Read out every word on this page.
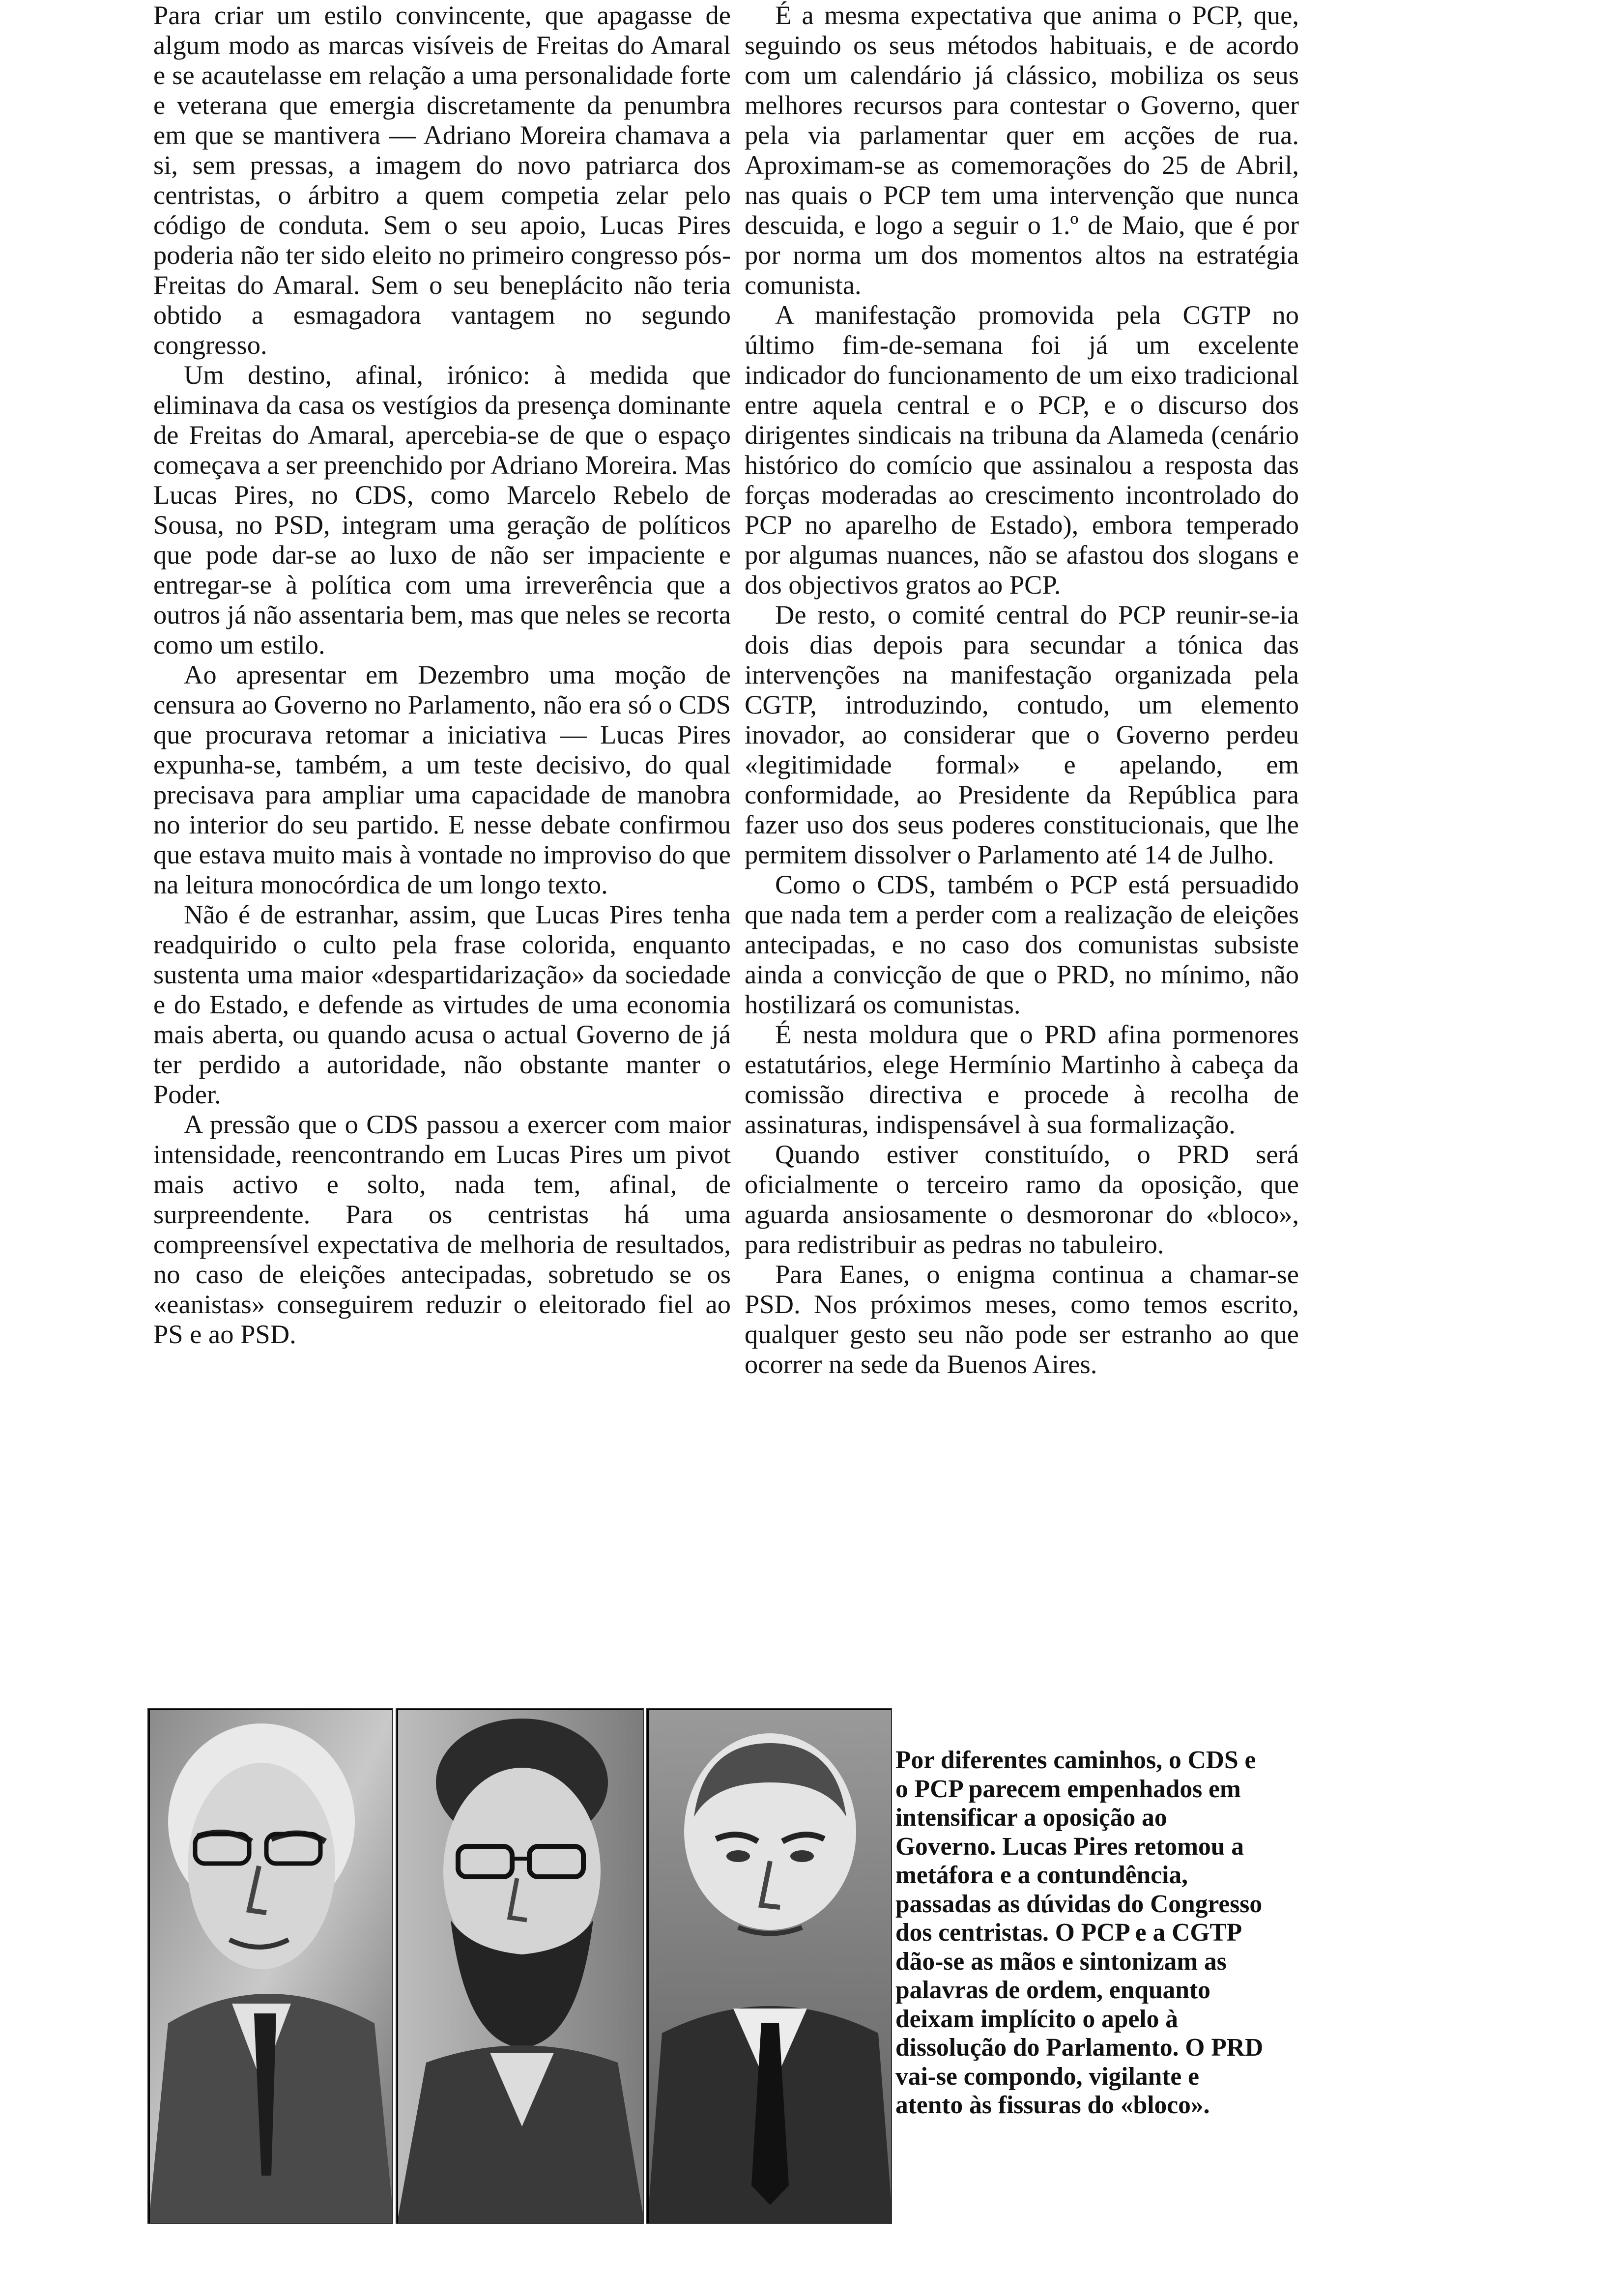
Para criar um estilo convincente, que apagasse de algum modo as marcas visíveis de Freitas do Amaral e se acautelasse em relação a uma personalidade forte e veterana que emergia discretamente da penumbra em que se mantivera — Adriano Moreira chamava a si, sem pressas, a imagem do novo patriarca dos centristas, o árbitro a quem competia zelar pelo código de conduta. Sem o seu apoio, Lucas Pires poderia não ter sido eleito no primeiro congresso pós-Freitas do Amaral. Sem o seu beneplácito não teria obtido a esmagadora vantagem no segundo congresso.

Um destino, afinal, irónico: à medida que eliminava da casa os vestígios da presença dominante de Freitas do Amaral, apercebia-se de que o espaço começava a ser preenchido por Adriano Moreira. Mas Lucas Pires, no CDS, como Marcelo Rebelo de Sousa, no PSD, integram uma geração de políticos que pode dar-se ao luxo de não ser impaciente e entregar-se à política com uma irreverência que a outros já não assentaria bem, mas que neles se recorta como um estilo.

Ao apresentar em Dezembro uma moção de censura ao Governo no Parlamento, não era só o CDS que procurava retomar a iniciativa — Lucas Pires expunha-se, também, a um teste decisivo, do qual precisava para ampliar uma capacidade de manobra no interior do seu partido. E nesse debate confirmou que estava muito mais à vontade no improviso do que na leitura monocórdica de um longo texto.

Não é de estranhar, assim, que Lucas Pires tenha readquirido o culto pela frase colorida, enquanto sustenta uma maior «despartidarização» da sociedade e do Estado, e defende as virtudes de uma economia mais aberta, ou quando acusa o actual Governo de já ter perdido a autoridade, não obstante manter o Poder.

A pressão que o CDS passou a exercer com maior intensidade, reencontrando em Lucas Pires um pivot mais activo e solto, nada tem, afinal, de surpreendente. Para os centristas há uma compreensível expectativa de melhoria de resultados, no caso de eleições antecipadas, sobretudo se os «eanistas» conseguirem reduzir o eleitorado fiel ao PS e ao PSD.

É a mesma expectativa que anima o PCP, que, seguindo os seus métodos habituais, e de acordo com um calendário já clássico, mobiliza os seus melhores recursos para contestar o Governo, quer pela via parlamentar quer em acções de rua. Aproximam-se as comemorações do 25 de Abril, nas quais o PCP tem uma intervenção que nunca descuida, e logo a seguir o 1.º de Maio, que é por por norma um dos momentos altos na estratégia comunista.

A manifestação promovida pela CGTP no último fim-de-semana foi já um excelente indicador do funcionamento de um eixo tradicional entre aquela central e o PCP, e o discurso dos dirigentes sindicais na tribuna da Alameda (cenário histórico do comício que assinalou a resposta das forças moderadas ao crescimento incontrolado do PCP no aparelho de Estado), embora temperado por algumas nuances, não se afastou dos slogans e dos objectivos gratos ao PCP.

De resto, o comité central do PCP reunir-se-ia dois dias depois para secundar a tónica das intervenções na manifestação organizada pela CGTP, introduzindo, contudo, um elemento inovador, ao considerar que o Governo perdeu «legitimidade formal» e apelando, em conformidade, ao Presidente da República para fazer uso dos seus poderes constitucionais, que lhe permitem dissolver o Parlamento até 14 de Julho.

Como o CDS, também o PCP está persuadido que nada tem a perder com a realização de eleições antecipadas, e no caso dos comunistas subsiste ainda a convicção de que o PRD, no mínimo, não hostilizará os comunistas.

É nesta moldura que o PRD afina pormenores estatutários, elege Hermínio Martinho à cabeça da comissão directiva e procede à recolha de assinaturas, indispensável à sua formalização.

Quando estiver constituído, o PRD será oficialmente o terceiro ramo da oposição, que aguarda ansiosamente o desmoronar do «bloco», para redistribuir as pedras no tabuleiro.

Para Eanes, o enigma continua a chamar-se PSD. Nos próximos meses, como temos escrito, qualquer gesto seu não pode ser estranho ao que ocorrer na sede da Buenos Aires.

Por diferentes caminhos, o CDS e o PCP parecem empenhados em intensificar a oposição ao Governo. Lucas Pires retomou a metáfora e a contundência, passadas as dúvidas do Congresso dos centristas. O PCP e a CGTP dão-se as mãos e sintonizam as palavras de ordem, enquanto deixam implícito o apelo à dissolução do Parlamento. O PRD vai-se compondo, vigilante e atento às fissuras do «bloco».
